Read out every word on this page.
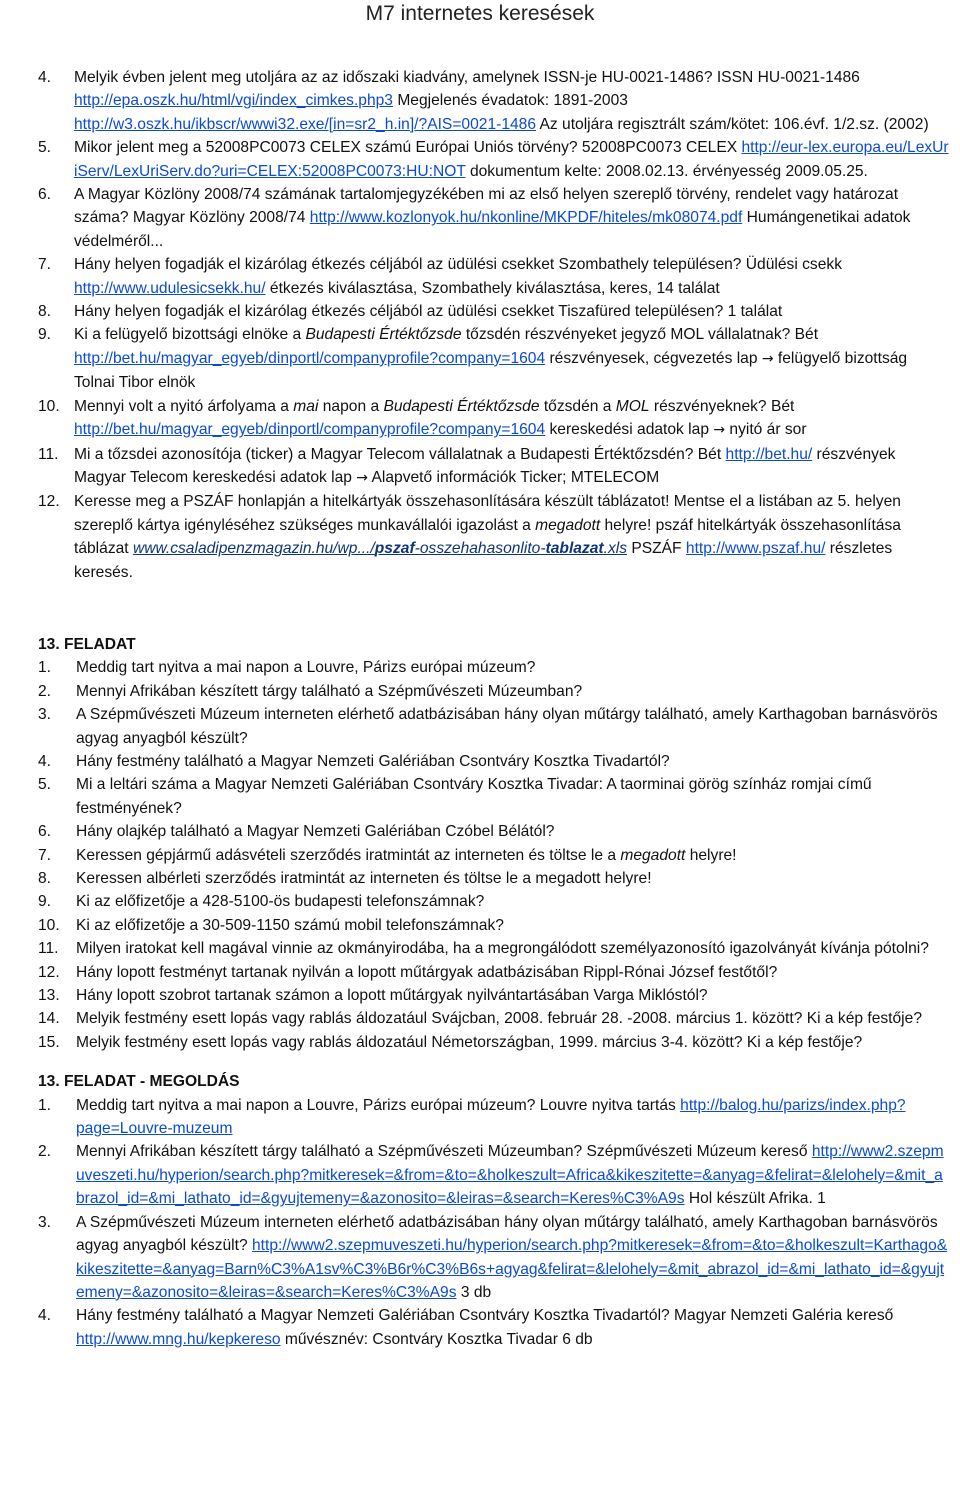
M7 internetes keresések
4.	Melyik évben jelent meg utoljára az az időszaki kiadvány, amelynek ISSN-je HU-0021-1486? ISSN HU-0021-1486 http://epa.oszk.hu/html/vgi/index_cimkes.php3 Megjelenés évadatok: 1891-2003 http://w3.oszk.hu/ikbscr/wwwi32.exe/[in=sr2_h.in]/?AIS=0021-1486 Az utoljára regisztrált szám/kötet: 106.évf. 1/2.sz. (2002)
5.	Mikor jelent meg a 52008PC0073 CELEX számú Európai Uniós törvény? 52008PC0073 CELEX http://eur-lex.europa.eu/LexUriServ/LexUriServ.do?uri=CELEX:52008PC0073:HU:NOT dokumentum kelte: 2008.02.13. érvényesség 2009.05.25.
6.	A Magyar Közlöny 2008/74 számának tartalomjegyzékében mi az első helyen szereplő törvény, rendelet vagy határozat száma? Magyar Közlöny 2008/74 http://www.kozlonyok.hu/nkonline/MKPDF/hiteles/mk08074.pdf Humángenetikai adatok védelméről...
7.	Hány helyen fogadják el kizárólag étkezés céljából az üdülési csekket Szombathely településen? Üdülési csekk http://www.udulesicsekk.hu/ étkezés kiválasztása, Szombathely kiválasztása, keres, 14 találat
8.	Hány helyen fogadják el kizárólag étkezés céljából az üdülési csekket Tiszafüred településen? 1 találat
9.	Ki a felügyelő bizottsági elnöke a Budapesti Értéktőzsde tőzsdén részvényeket jegyző MOL vállalatnak? Bét http://bet.hu/magyar_egyeb/dinportl/companyprofile?company=1604 részvényesek, cégvezetés lap → felügyelő bizottság Tolnai Tibor elnök
10. Mennyi volt a nyitó árfolyama a mai napon a Budapesti Értéktőzsde tőzsdén a MOL részvényeknek? Bét http://bet.hu/magyar_egyeb/dinportl/companyprofile?company=1604 kereskedési adatok lap → nyitó ár sor
11. Mi a tőzsdei azonosítója (ticker) a Magyar Telecom vállalatnak a Budapesti Értéktőzsdén? Bét http://bet.hu/ részvények Magyar Telecom kereskedési adatok lap → Alapvető információk Ticker; MTELECOM
12. Keresse meg a PSZÁF honlapján a hitelkártyák összehasonlítására készült táblázatot! Mentse el a listában az 5. helyen szereplő kártya igényléséhez szükséges munkavállalói igazolást a megadott helyre! pszáf hitelkártyák összehasonlítása táblázat www.csaladipenzmagazin.hu/wp.../pszaf-osszehahasonlito-tablazat.xls PSZÁF http://www.pszaf.hu/ részletes keresés.
13. FELADAT
1.	Meddig tart nyitva a mai napon a Louvre, Párizs európai múzeum?
2.	Mennyi Afrikában készített tárgy található a Szépművészeti Múzeumban?
3.	A Szépművészeti Múzeum interneten elérhető adatbázisában hány olyan műtárgy található, amely Karthagoban barnásvörös agyag anyagból készült?
4.	Hány festmény található a Magyar Nemzeti Galériában Csontváry Kosztka Tivadartól?
5.	Mi a leltári száma a Magyar Nemzeti Galériában Csontváry Kosztka Tivadar: A taorminai görög színház romjai című festményének?
6.	Hány olajkép található a Magyar Nemzeti Galériában Czóbel Bélától?
7.	Keressen gépjármű adásvételi szerződés iratmintát az interneten és töltse le a megadott helyre!
8.	Keressen albérleti szerződés iratmintát az interneten és töltse le a megadott helyre!
9.	Ki az előfizetője a 428-5100-ös budapesti telefonszámnak?
10.	Ki az előfizetője a 30-509-1150 számú mobil telefonszámnak?
11.	Milyen iratokat kell magával vinnie az okmányirodába, ha a megrongálódott személyazonosító igazolványát kívánja pótolni?
12.	Hány lopott festményt tartanak nyilván a lopott műtárgyak adatbázisában Rippl-Rónai József festőtől?
13.	Hány lopott szobrot tartanak számon a lopott műtárgyak nyilvántartásában Varga Miklóstól?
14.	Melyik festmény esett lopás vagy rablás áldozatául Svájcban, 2008. február 28. -2008. március 1. között? Ki a kép festője?
15.	Melyik festmény esett lopás vagy rablás áldozatául Németországban, 1999. március 3-4. között? Ki a kép festője?
13. FELADAT - MEGOLDÁS
1.	Meddig tart nyitva a mai napon a Louvre, Párizs európai múzeum? Louvre nyitva tartás http://balog.hu/parizs/index.php?page=Louvre-muzeum
2.	Mennyi Afrikában készített tárgy található a Szépművészeti Múzeumban? Szépművészeti Múzeum kereső http://www2.szepmuveszeti.hu/hyperion/search.php?mitkeresek=&from=&to=&holkeszult=Africa&kikeszitette=&anyag=&felirat=&lelohely=&mit_abrazol_id=&mi_lathato_id=&gyujtemeny=&azonosito=&leiras=&search=Keres%C3%A9s Hol készült Afrika. 1
3.	A Szépművészeti Múzeum interneten elérhető adatbázisában hány olyan műtárgy található, amely Karthagoban barnásvörös agyag anyagból készült? http://www2.szepmuveszeti.hu/hyperion/search.php?mitkeresek=&from=&to=&holkeszult=Karthago&kikeszitette=&anyag=Barn%C3%A1sv%C3%B6r%C3%B6s+agyag&felirat=&lelohely=&mit_abrazol_id=&mi_lathato_id=&gyujtemeny=&azonosito=&leiras=&search=Keres%C3%A9s 3 db
4.	Hány festmény található a Magyar Nemzeti Galériában Csontváry Kosztka Tivadartól? Magyar Nemzeti Galéria kereső http://www.mng.hu/kepkereso művésznév: Csontváry Kosztka Tivadar 6 db
